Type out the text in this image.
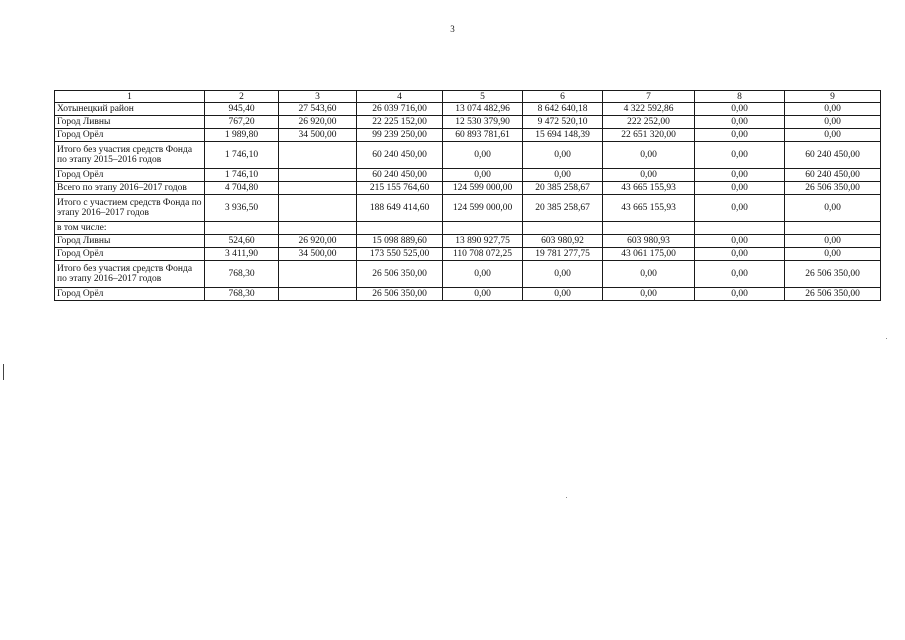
3
1	2	3	4	5	6	7	8	9
Хотынецкий район	945,40	27 543,60	26 039 716,00	13 074 482,96	8 642 640,18	4 322 592,86	0,00	0,00
Город Ливны	767,20	26 920,00	22 225 152,00	12 530 379,90	9 472 520,10	222 252,00	0,00	0,00
Город Орёл	1 989,80	34 500,00	99 239 250,00	60 893 781,61	15 694 148,39	22 651 320,00	0,00	0,00
Итого без участия средств Фонда по этапу 2015–2016 годов	1 746,10		60 240 450,00	0,00	0,00	0,00	0,00	60 240 450,00
Город Орёл	1 746,10		60 240 450,00	0,00	0,00	0,00	0,00	60 240 450,00
Всего по этапу 2016–2017 годов	4 704,80		215 155 764,60	124 599 000,00	20 385 258,67	43 665 155,93	0,00	26 506 350,00
Итого с участием средств Фонда по этапу 2016–2017 годов	3 936,50		188 649 414,60	124 599 000,00	20 385 258,67	43 665 155,93	0,00	0,00
в том числе:								
Город Ливны	524,60	26 920,00	15 098 889,60	13 890 927,75	603 980,92	603 980,93	0,00	0,00
Город Орёл	3 411,90	34 500,00	173 550 525,00	110 708 072,25	19 781 277,75	43 061 175,00	0,00	0,00
Итого без участия средств Фонда по этапу 2016–2017 годов	768,30		26 506 350,00	0,00	0,00	0,00	0,00	26 506 350,00
Город Орёл	768,30		26 506 350,00	0,00	0,00	0,00	0,00	26 506 350,00
